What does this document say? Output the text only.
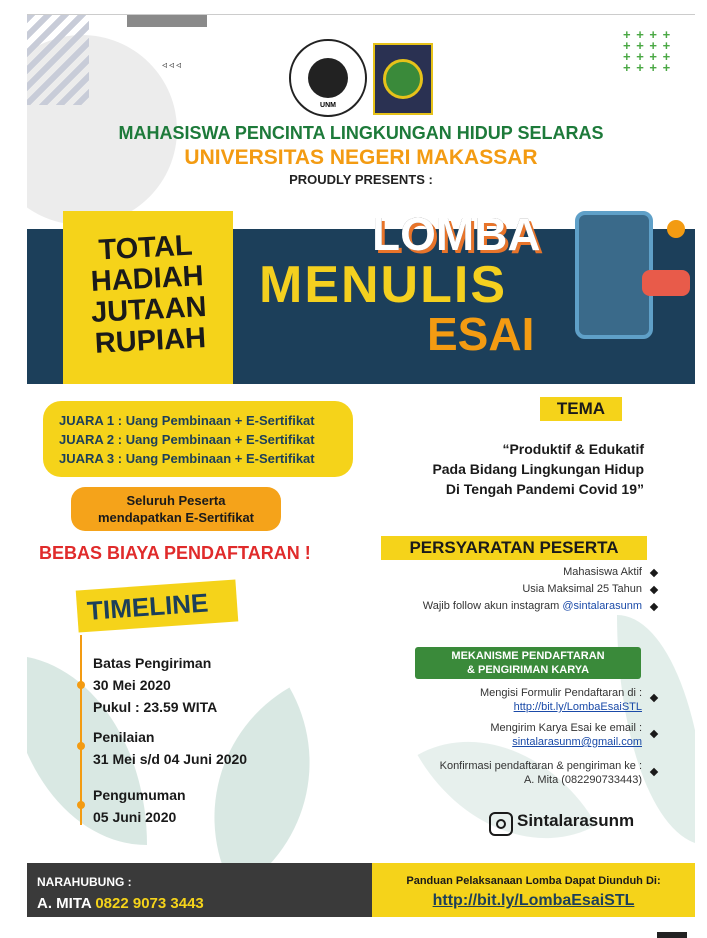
◃◃◃
+ + + +
+ + + +
+ + + +
+ + + +
UNM
MAHASISWA PENCINTA LINGKUNGAN HIDUP SELARAS
UNIVERSITAS NEGERI MAKASSAR
PROUDLY PRESENTS :
TOTAL
HADIAH
JUTAAN
RUPIAH
LOMBA
MENULIS
ESAI
JUARA 1 : Uang Pembinaan + E-Sertifikat
JUARA 2 : Uang Pembinaan + E-Sertifikat
JUARA 3 : Uang Pembinaan + E-Sertifikat
Seluruh Peserta
mendapatkan E-Sertifikat
BEBAS BIAYA PENDAFTARAN !
TIMELINE
Batas Pengiriman
30 Mei 2020
Pukul : 23.59 WITA
Penilaian
31 Mei s/d 04 Juni 2020
Pengumuman
05 Juni 2020
TEMA
“Produktif & Edukatif
Pada Bidang Lingkungan Hidup
Di Tengah Pandemi Covid 19”
PERSYARATAN PESERTA
Mahasiswa Aktif
Usia Maksimal 25 Tahun
Wajib follow akun instagram @sintalarasunm
MEKANISME PENDAFTARAN
& PENGIRIMAN KARYA
Mengisi Formulir Pendaftaran di :
http://bit.ly/LombaEsaiSTL
Mengirim Karya Esai ke email :
sintalarasunm@gmail.com
Konfirmasi pendaftaran & pengiriman ke :
A. Mita (082290733443)
Sintalarasunm
NARAHUBUNG :
A. MITA 0822 9073 3443
Panduan Pelaksanaan Lomba Dapat Diunduh Di:
http://bit.ly/LombaEsaiSTL
